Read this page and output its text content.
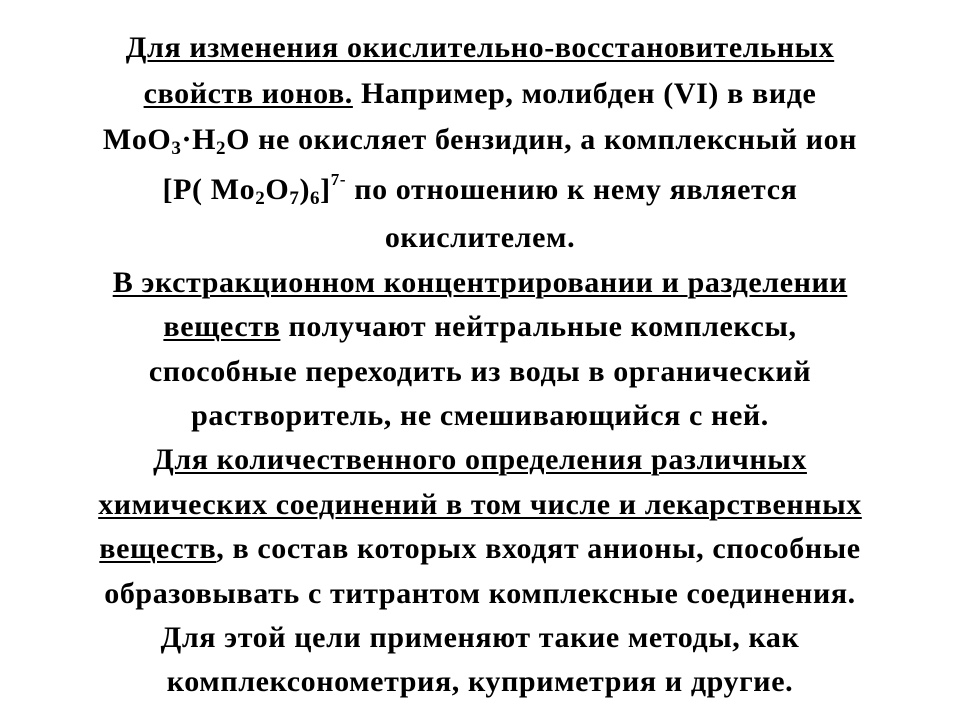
Для изменения окислительно-восстановительных
свойств ионов. Например, молибден (VI) в виде
$MoO_3\cdot H_2O$ не окисляет бензидин, а комплексный ион
[P( $Mo_2O_7)_6]^{7-}$ по отношению к нему является
окислителем.
В экстракционном концентрировании и разделении
веществ получают нейтральные комплексы,
способные переходить из воды в органический
растворитель, не смешивающийся с ней.
Для количественного определения различных
химических соединений в том числе и лекарственных
веществ, в состав которых входят анионы, способные
образовывать с титрантом комплексные соединения.
Для этой цели применяют такие методы, как
комплексонометрия, куприметрия и другие.
